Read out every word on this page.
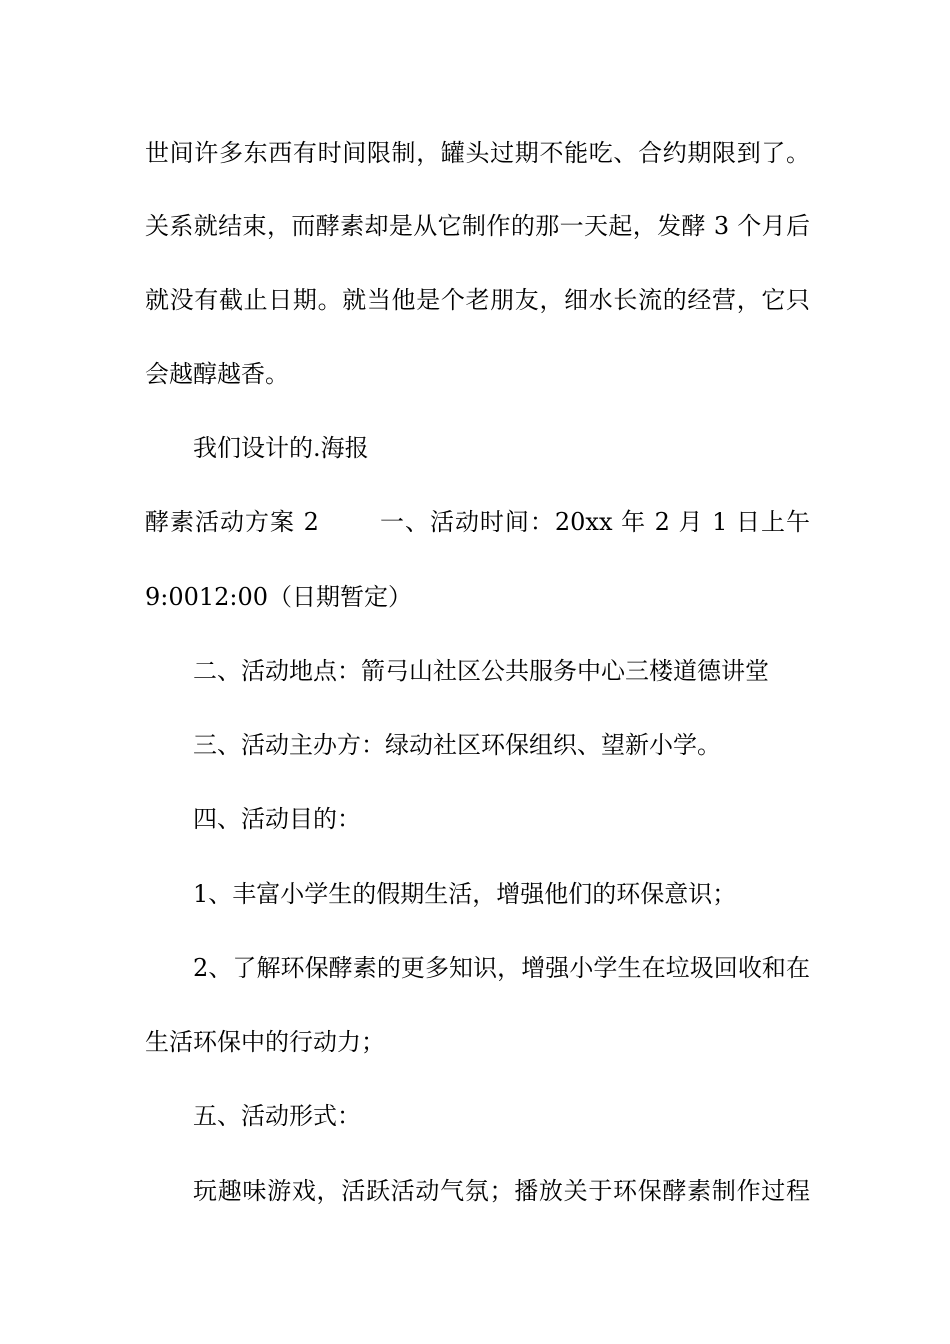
世间许多东西有时间限制，罐头过期不能吃、合约期限到了。
关系就结束，而酵素却是从它制作的那一天起，发酵 3 个月后
就没有截止日期。就当他是个老朋友，细水长流的经营，它只
会越醇越香。
我们设计的.海报
酵素活动方案 2	一、活动时间：20xx 年 2 月 1 日上午
9:0012:00（日期暂定）
二、活动地点：箭弓山社区公共服务中心三楼道德讲堂
三、活动主办方：绿动社区环保组织、望新小学。
四、活动目的：
1、丰富小学生的假期生活，增强他们的环保意识；
2、了解环保酵素的更多知识，增强小学生在垃圾回收和在
生活环保中的行动力；
五、活动形式：
玩趣味游戏，活跃活动气氛；播放关于环保酵素制作过程
